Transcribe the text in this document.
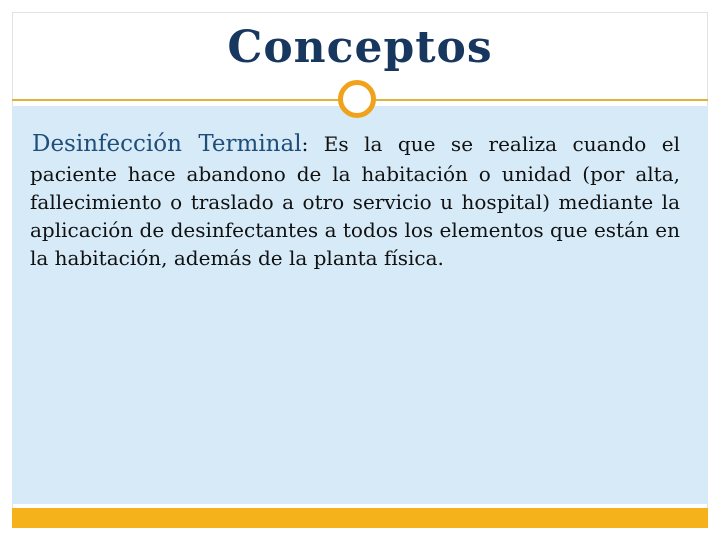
Conceptos
Desinfección Terminal: Es la que se realiza cuando el paciente hace abandono de la habitación o unidad (por alta, fallecimiento o traslado a otro servicio u hospital) mediante la aplicación de desinfectantes a todos los elementos que están en la habitación, además de la planta física.
